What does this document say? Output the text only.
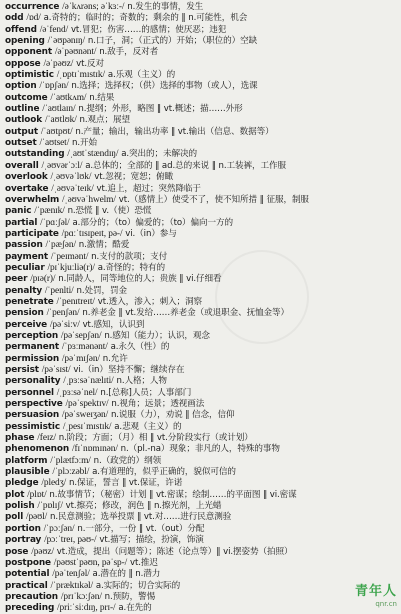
occurrence /əˈkʌrəns; əˈkɜː-/ n.发生的事情，发生
odd /ɒd/ a.奇特的；临时的；奇数的；剩余的 ‖ n.可能性，机会
offend /əˈfend/ vt.冒犯；伤害……的感情；使厌恶；违犯
opening /ˈəʊpənɪŋ/ n.口子，洞；（正式的）开始；（职位的）空缺
opponent /əˈpəʊnənt/ n.敌手，反对者
oppose /əˈpəʊz/ vt.反对
optimistic /ˌɒptɪˈmɪstɪk/ a.乐观（主义）的
option /ˈɒpʃən/ n.选择；选择权；（供）选择的事物（或人），选课
outcome /ˈaʊtkʌm/ n.结果
outline /ˈaʊtlaɪn/ n.提纲；外形，略图 ‖ vt.概述；描……外形
outlook /ˈaʊtlʊk/ n.观点；展望
output /ˈaʊtpʊt/ n.产量；输出，输出功率 ‖ vt.输出（信息、数据等）
outset /ˈaʊtset/ n.开始
outstanding /ˌaʊtˈstændɪŋ/ a.突出的；未解决的
overall /ˌəʊvərˈɔːl/ a.总体的；全部的 ‖ ad.总的来说 ‖ n.工装裤，工作服
overlook /ˌəʊvəˈlʊk/ vt.忽视；宽恕；俯瞰
overtake /ˌəʊvəˈteɪk/ vt.追上，超过；突然降临于
overwhelm /ˌəʊvəˈhwelm/ vt.（感情上）使受不了，使不知所措 ‖ 征服，制服
panic /ˈpænɪk/ n.恐慌 ‖ v.（使）恐慌
partial /ˈpɑːʃəl/ a.部分的；（to）偏爱的；（to）偏向一方的
participate /pɑːˈtɪsɪpeɪt, pə-/ vi.（in）参与
passion /ˈpæʃən/ n.激情；酷爱
payment /ˈpeɪmənt/ n.支付的款项；支付
peculiar /pɪˈkjuːliə(r)/ a.奇怪的；特有的
peer /pɪə(r)/ n.同龄人，同等地位的人；贵族 ‖ vi.仔细看
penalty /ˈpenlti/ n.处罚，罚金
penetrate /ˈpenɪtreɪt/ vt.透入，渗入；刺入；洞察
pension /ˈpenʃən/ n.养老金 ‖ vt.发给……养老金（或退职金、抚恤金等）
perceive /pəˈsiːv/ vt.感知，认识到
perception /pəˈsepʃən/ n.感知（能力）；认识，观念
permanent /ˈpɜːmənənt/ a.永久（性）的
permission /pəˈmɪʃən/ n.允许
persist /pəˈsɪst/ vi.（in）坚持不懈；继续存在
personality /ˌpɜːsəˈnælɪti/ n.人格；人物
personnel /ˌpɜːsəˈnel/ n.[总称]人员；人事部门
perspective /pəˈspektɪv/ n.视角；远景；透视画法
persuasion /pəˈsweɪʒən/ n.说服（力），劝说 ‖ 信念，信仰
pessimistic /ˌpesɪˈmɪstɪk/ a.悲观（主义）的
phase /feɪz/ n.阶段；方面；（月）相 ‖ vt.分阶段实行（或计划）
phenomenon /fɪˈnɒmɪnən/ n.（pl.-na）现象；非凡的人，特殊的事物
platform /ˈplætfɔːm/ n.（政党的）纲领
plausible /ˈplɔːzəbl/ a.有道理的，似乎正确的，貌似可信的
pledge /pledʒ/ n.保证，誓言 ‖ vt.保证，许诺
plot /plɒt/ n.故事情节；（秘密）计划 ‖ vt.密谋；绘制……的平面图 ‖ vi.密谋
polish /ˈpɒlɪʃ/ vt.擦亮；修改，润色 ‖ n.擦光剂，上光蜡
poll /pəʊl/ n.民意测验；选举投票 ‖ vt.对……进行民意测验
portion /ˈpɔːʃən/ n.一部分，一份 ‖ vt.（out）分配
portray /pɔːˈtreɪ, pəʊ-/ vt.描写；描绘，扮演，饰演
pose /pəʊz/ vt.造成，提出（问题等）；陈述（论点等）‖ vi.摆姿势（拍照）
postpone /pəʊstˈpəʊn, pəˈsp-/ vt.推迟
potential /pəˈtenʃəl/ a.潜在的 ‖ n.潜力
practical /ˈpræktɪkəl/ a.实际的；切合实际的
precaution /prɪˈkɔːʃən/ n.预防，警惕
preceding /priːˈsiːdɪŋ, prɪ-/ a.在先的
青年人
qnr.cn
